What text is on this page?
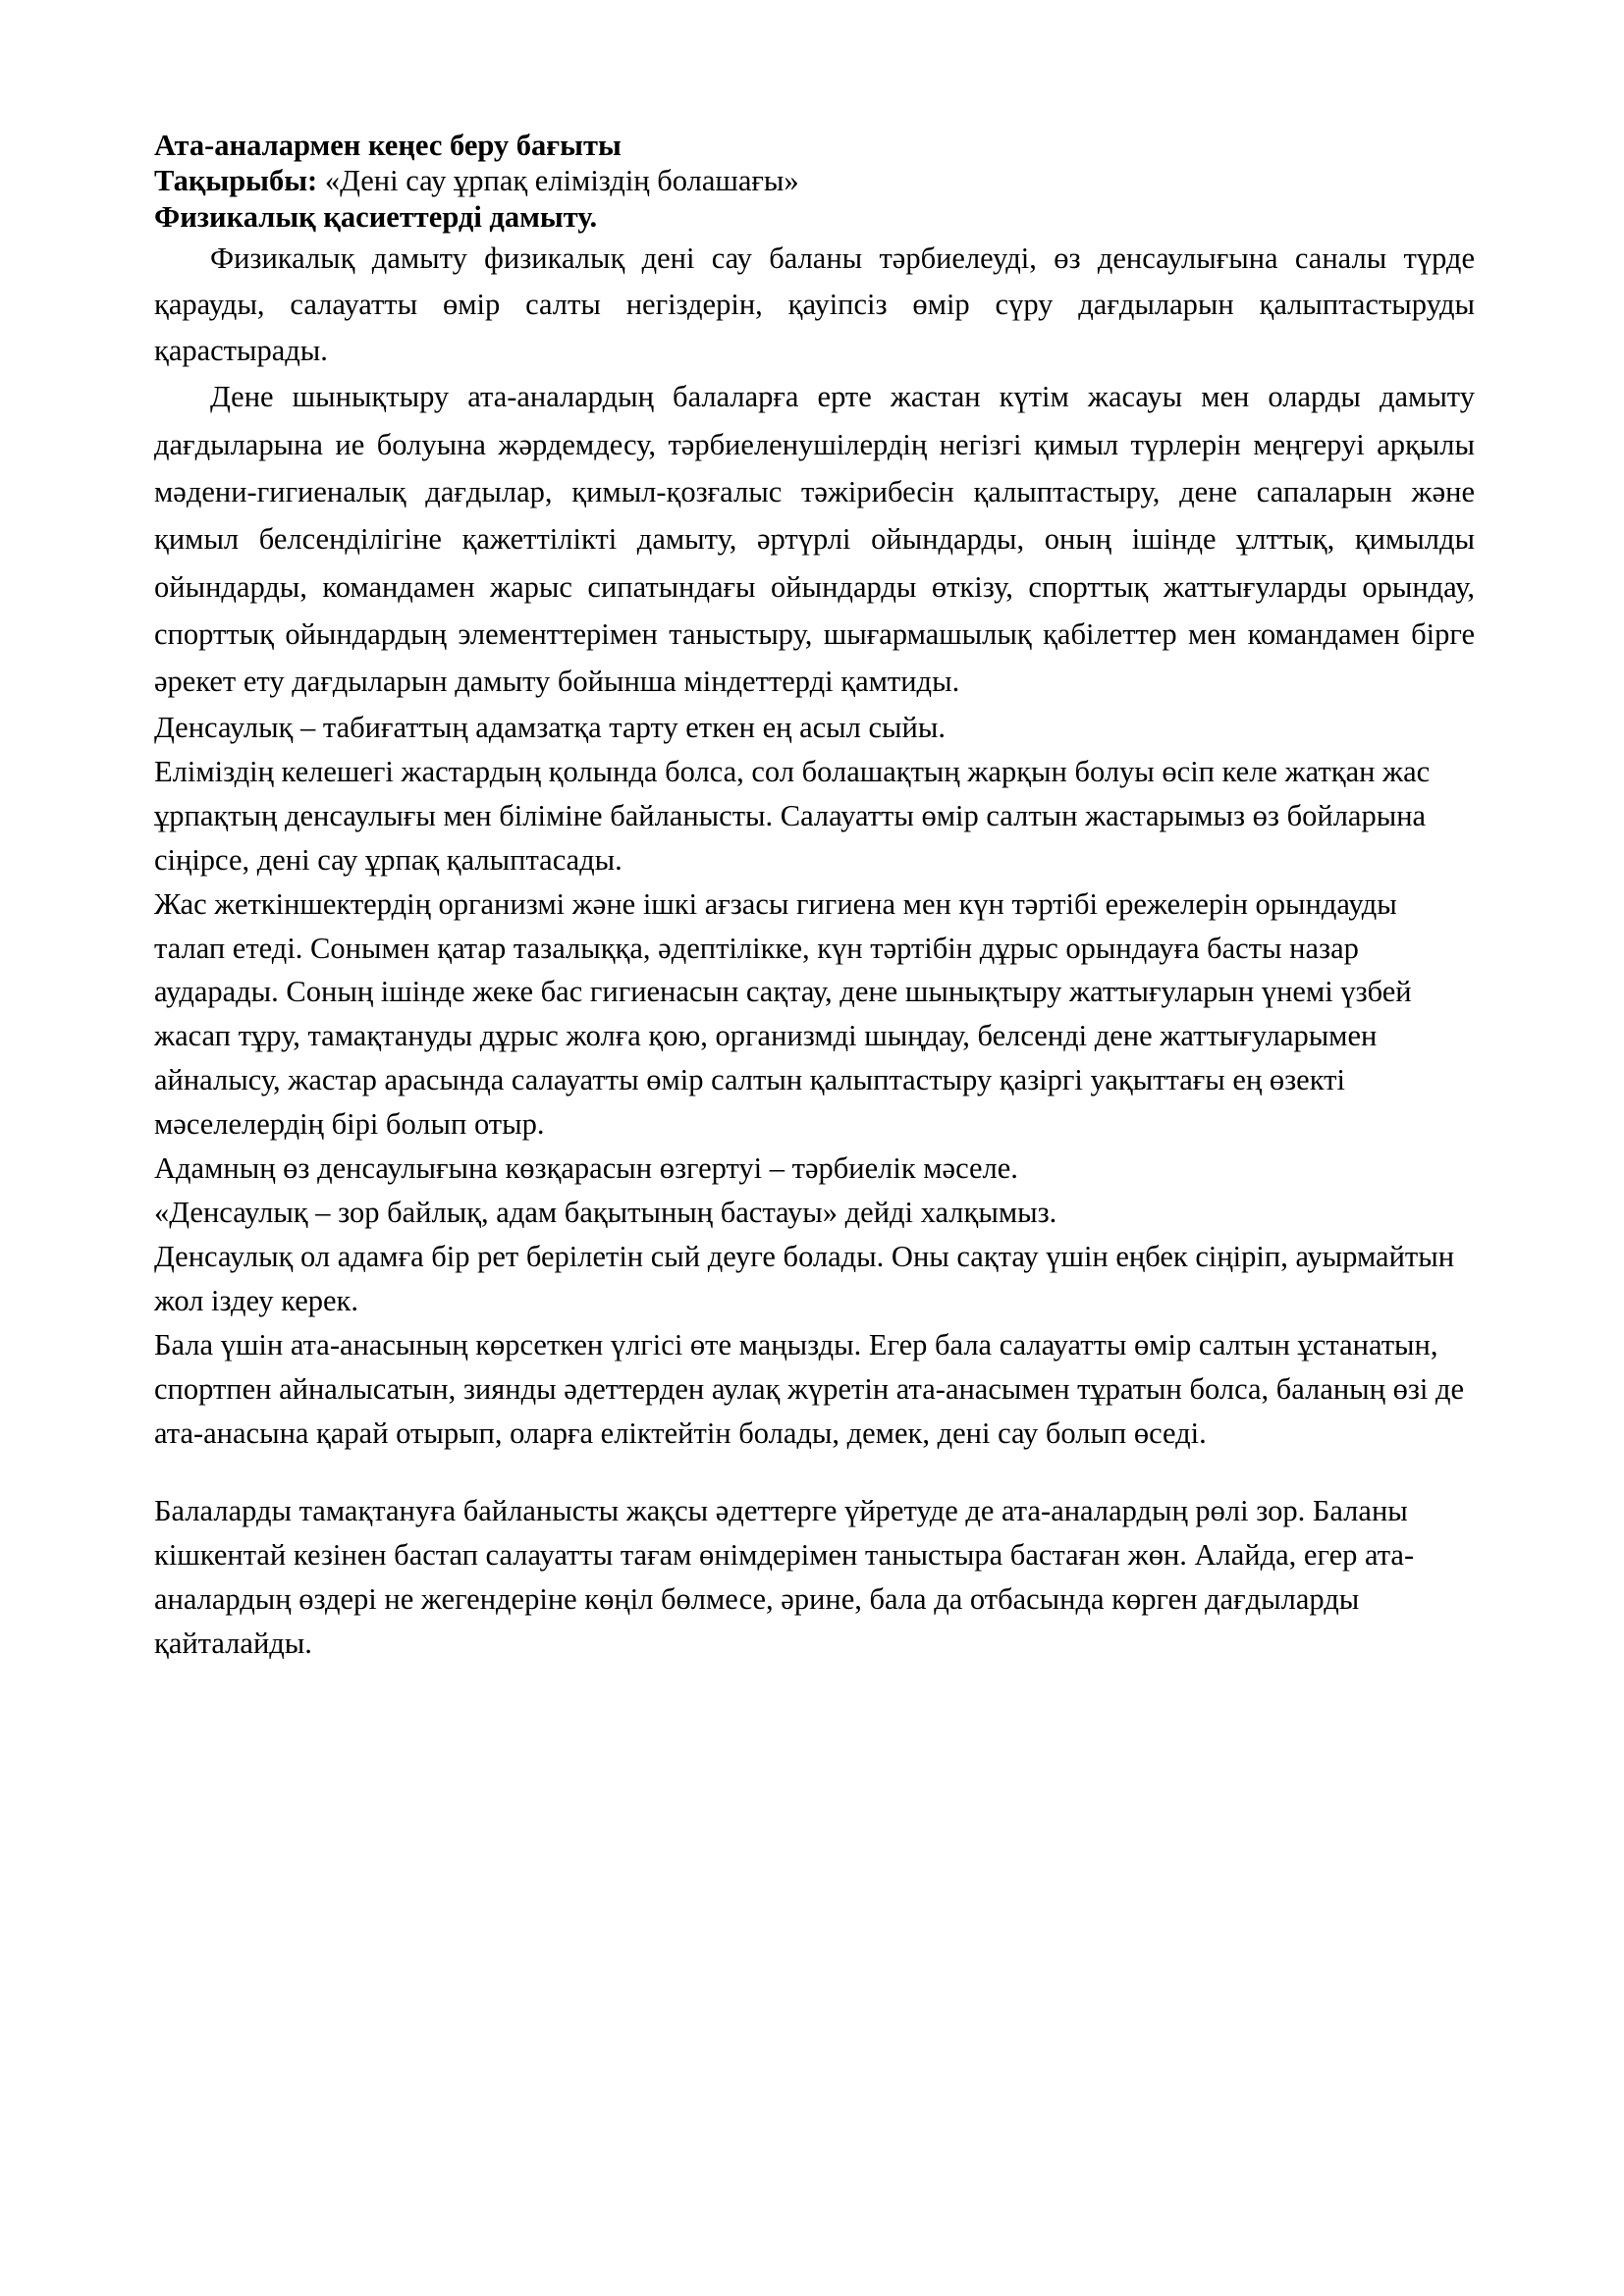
Ата-аналармен кеңес беру бағыты
Тақырыбы: «Дені сау ұрпақ еліміздің болашағы»
Физикалық қасиеттерді дамыту.

Физикалық дамыту физикалық дені сау баланы тәрбиелеуді, өз денсаулығына саналы түрде қарауды, салауатты өмір салты негіздерін, қауіпсіз өмір сүру дағдыларын қалыптастыруды қарастырады.

Дене шынықтыру ата-аналардың балаларға ерте жастан күтім жасауы мен оларды дамыту дағдыларына ие болуына жәрдемдесу, тәрбиеленушілердің негізгі қимыл түрлерін меңгеруі арқылы мәдени-гигиеналық дағдылар, қимыл-қозғалыс тәжірибесін қалыптастыру, дене сапаларын және қимыл белсенділігіне қажеттілікті дамыту, әртүрлі ойындарды, оның ішінде ұлттық, қимылды ойындарды, командамен жарыс сипатындағы ойындарды өткізу, спорттық жаттығуларды орындау, спорттық ойындардың элементтерімен таныстыру, шығармашылық қабілеттер мен командамен бірге әрекет ету дағдыларын дамыту бойынша міндеттерді қамтиды.

Денсаулық – табиғаттың адамзатқа тарту еткен ең асыл сыйы.

Еліміздің келешегі жастардың қолында болса, сол болашақтың жарқын болуы өсіп келе жатқан жас ұрпақтың денсаулығы мен біліміне байланысты. Салауатты өмір салтын жастарымыз өз бойларына сіңірсе, дені сау ұрпақ қалыптасады.

Жас жеткіншектердің организмі және ішкі ағзасы гигиена мен күн тәртібі ережелерін орындауды талап етеді. Сонымен қатар тазалыққа, әдептілікке, күн тәртібін дұрыс орындауға басты назар аударады. Соның ішінде жеке бас гигиенасын сақтау, дене шынықтыру жаттығуларын үнемі үзбей жасап тұру, тамақтануды дұрыс жолға қою, организмді шыңдау, белсенді дене жаттығуларымен айналысу, жастар арасында салауатты өмір салтын қалыптастыру қазіргі уақыттағы ең өзекті мәселелердің бірі болып отыр.

Адамның өз денсаулығына көзқарасын өзгертуі – тәрбиелік мәселе.

«Денсаулық – зор байлық, адам бақытының бастауы» дейді халқымыз.

Денсаулық ол адамға бір рет берілетін сый деуге болады. Оны сақтау үшін еңбек сіңіріп, ауырмайтын жол іздеу керек.

Бала үшін ата-анасының көрсеткен үлгісі өте маңызды. Егер бала салауатты өмір салтын ұстанатын, спортпен айналысатын, зиянды әдеттерден аулақ жүретін ата-анасымен тұратын болса, баланың өзі де ата-анасына қарай отырып, оларға еліктейтін болады, демек, дені сау болып өседі.

Балаларды тамақтануға байланысты жақсы әдеттерге үйретуде де ата-аналардың рөлі зор. Баланы кішкентай кезінен бастап салауатты тағам өнімдерімен таныстыра бастаған жөн. Алайда, егер ата-аналардың өздері не жегендеріне көңіл бөлмесе, әрине, бала да отбасында көрген дағдыларды қайталайды.
